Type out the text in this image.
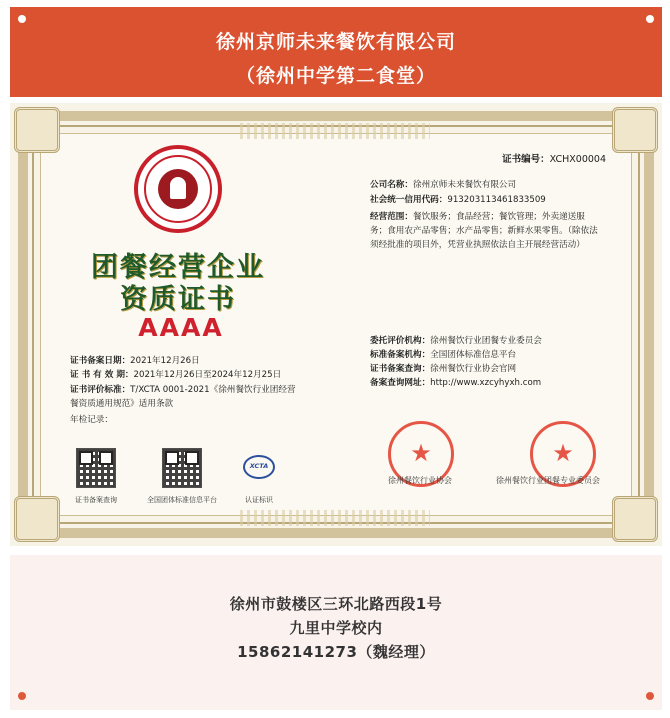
徐州京师未来餐饮有限公司
（徐州中学第二食堂）
团餐经营企业
资质证书
AAAA
证书编号：XCHX00004
公司名称：徐州京师未来餐饮有限公司
社会统一信用代码：913203113461833509
经营范围：餐饮服务；食品经营；餐饮管理；外卖递送服务；食用农产品零售；水产品零售；新鲜水果零售。（除依法须经批准的项目外，凭营业执照依法自主开展经营活动）
委托评价机构：徐州餐饮行业团餐专业委员会
标准备案机构：全国团体标准信息平台
证书备案查询：徐州餐饮行业协会官网
备案查询网址：http://www.xzcyhyxh.com
证书备案日期：2021年12月26日
证 书 有 效 期：2021年12月26日至2024年12月25日
证书评价标准：T/XCTA 0001-2021《徐州餐饮行业团经营餐资质通用规范》适用条款
年检记录：
证书备案查询	全国团体标准信息平台
XCTA
认证标识
★
徐州餐饮行业协会
★
徐州餐饮行业团餐专业委员会
徐州市鼓楼区三环北路西段1号
九里中学校内
15862141273（魏经理）
